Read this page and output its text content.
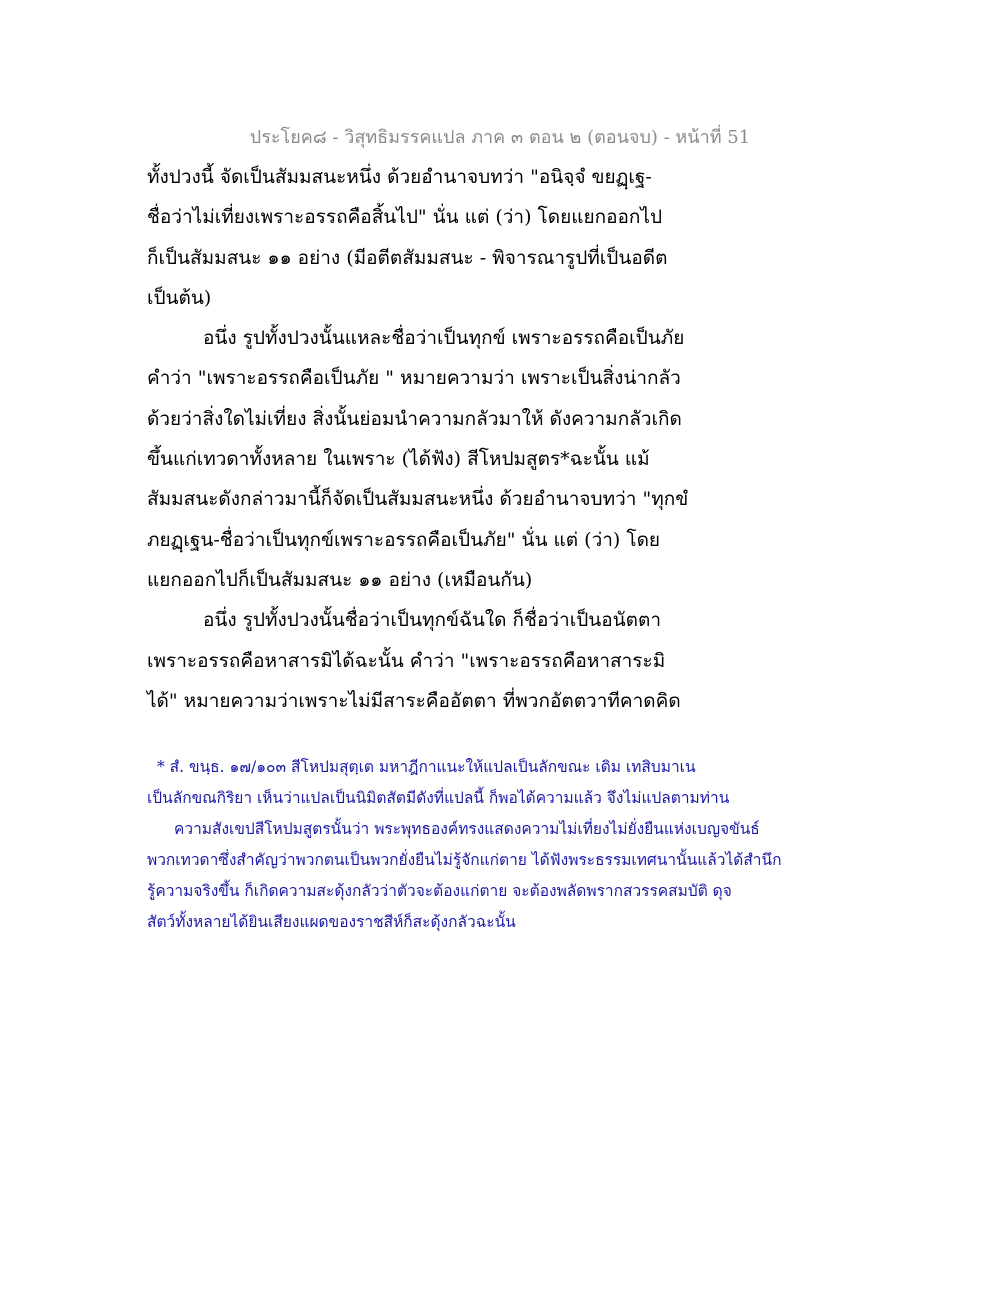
ประโยค๘ - วิสุทธิมรรคแปล ภาค ๓ ตอน ๒ (ตอนจบ) - หน้าที่ 51
ทั้งปวงนี้ จัดเป็นสัมมสนะหนึ่ง ด้วยอำนาจบทว่า "อนิจฺจํ ขยฏฺเฐ-
ชื่อว่าไม่เที่ยงเพราะอรรถคือสิ้นไป" นั่น แต่ (ว่า) โดยแยกออกไป
ก็เป็นสัมมสนะ ๑๑ อย่าง (มีอตีตสัมมสนะ - พิจารณารูปที่เป็นอดีต
เป็นต้น)
อนึ่ง รูปทั้งปวงนั้นแหละชื่อว่าเป็นทุกข์ เพราะอรรถคือเป็นภัย
คำว่า "เพราะอรรถคือเป็นภัย " หมายความว่า เพราะเป็นสิ่งน่ากลัว
ด้วยว่าสิ่งใดไม่เที่ยง สิ่งนั้นย่อมนำความกลัวมาให้ ดังความกลัวเกิด
ขึ้นแก่เทวดาทั้งหลาย ในเพราะ (ได้ฟัง) สีโหปมสูตร*ฉะนั้น แม้
สัมมสนะดังกล่าวมานี้ก็จัดเป็นสัมมสนะหนึ่ง ด้วยอำนาจบทว่า "ทุกขํ
ภยฏฺเฐน-ชื่อว่าเป็นทุกข์เพราะอรรถคือเป็นภัย" นั่น แต่ (ว่า) โดย
แยกออกไปก็เป็นสัมมสนะ ๑๑ อย่าง (เหมือนกัน)
อนึ่ง รูปทั้งปวงนั้นชื่อว่าเป็นทุกข์ฉันใด ก็ชื่อว่าเป็นอนัตตา
เพราะอรรถคือหาสารมิได้ฉะนั้น คำว่า "เพราะอรรถคือหาสาระมิ
ได้" หมายความว่าเพราะไม่มีสาระคืออัตตา ที่พวกอัตตวาทีคาดคิด
* สํ. ขนฺธ. ๑๗/๑๐๓ สีโหปมสุตฺเต มหาฎีกาแนะให้แปลเป็นลักขณะ เดิม เทสิบมาเน
เป็นลักขณกิริยา เห็นว่าแปลเป็นนิมิตสัตมีดังที่แปลนี้ ก็พอได้ความแล้ว จึงไม่แปลตามท่าน
ความสังเขปสีโหปมสูตรนั้นว่า พระพุทธองค์ทรงแสดงความไม่เที่ยงไม่ยั่งยืนแห่งเบญจขันธ์
พวกเทวดาซึ่งสำคัญว่าพวกตนเป็นพวกยั่งยืนไม่รู้จักแก่ตาย ได้ฟังพระธรรมเทศนานั้นแล้วได้สำนึก
รู้ความจริงขึ้น ก็เกิดความสะดุ้งกลัวว่าตัวจะต้องแก่ตาย จะต้องพลัดพรากสวรรคสมบัติ ดุจ
สัตว์ทั้งหลายได้ยินเสียงแผดของราชสีห์ก็สะดุ้งกลัวฉะนั้น
